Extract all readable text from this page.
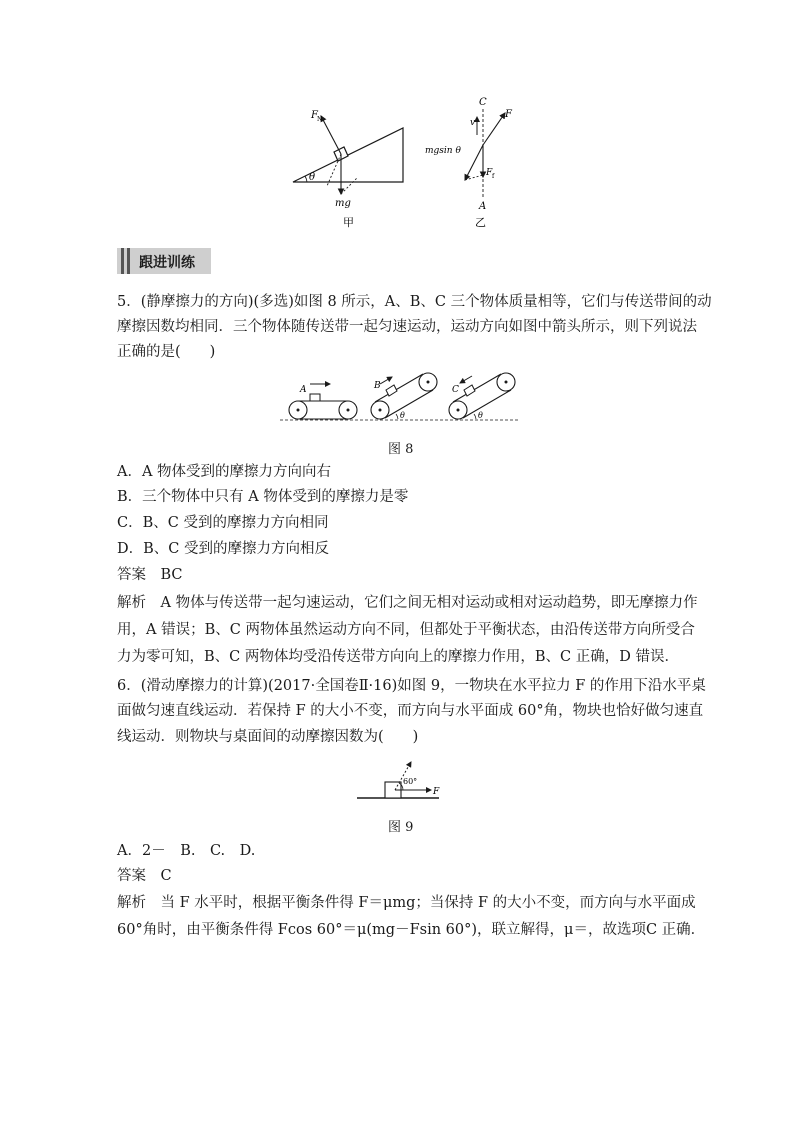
F N
θ
mg
甲
C
F
v
mgsin θ
F f
A
乙
跟进训练
5．(静摩擦力的方向)(多选)如图 8 所示，A、B、C 三个物体质量相等，它们与传送带间的动
摩擦因数均相同．三个物体随传送带一起匀速运动，运动方向如图中箭头所示，则下列说法
正确的是(　　)
A	B	C
θ	θ
图 8
A．A 物体受到的摩擦力方向向右
B．三个物体中只有 A 物体受到的摩擦力是零
C．B、C 受到的摩擦力方向相同
D．B、C 受到的摩擦力方向相反
答案　BC
解析　A 物体与传送带一起匀速运动，它们之间无相对运动或相对运动趋势，即无摩擦力作
用，A 错误；B、C 两物体虽然运动方向不同，但都处于平衡状态，由沿传送带方向所受合
力为零可知，B、C 两物体均受沿传送带方向向上的摩擦力作用，B、C 正确，D 错误．
6．(滑动摩擦力的计算)(2017·全国卷Ⅱ·16)如图 9，一物块在水平拉力 F 的作用下沿水平桌
面做匀速直线运动．若保持 F 的大小不变，而方向与水平面成 60°角，物块也恰好做匀速直
线运动．则物块与桌面间的动摩擦因数为(　　)
60°
F
图 9
A．2－　B.　C.　D.
答案　C
解析　当 F 水平时，根据平衡条件得 F＝μmg；当保持 F 的大小不变，而方向与水平面成
60°角时，由平衡条件得 Fcos 60°＝μ(mg－Fsin 60°)，联立解得，μ＝，故选项C 正确．
